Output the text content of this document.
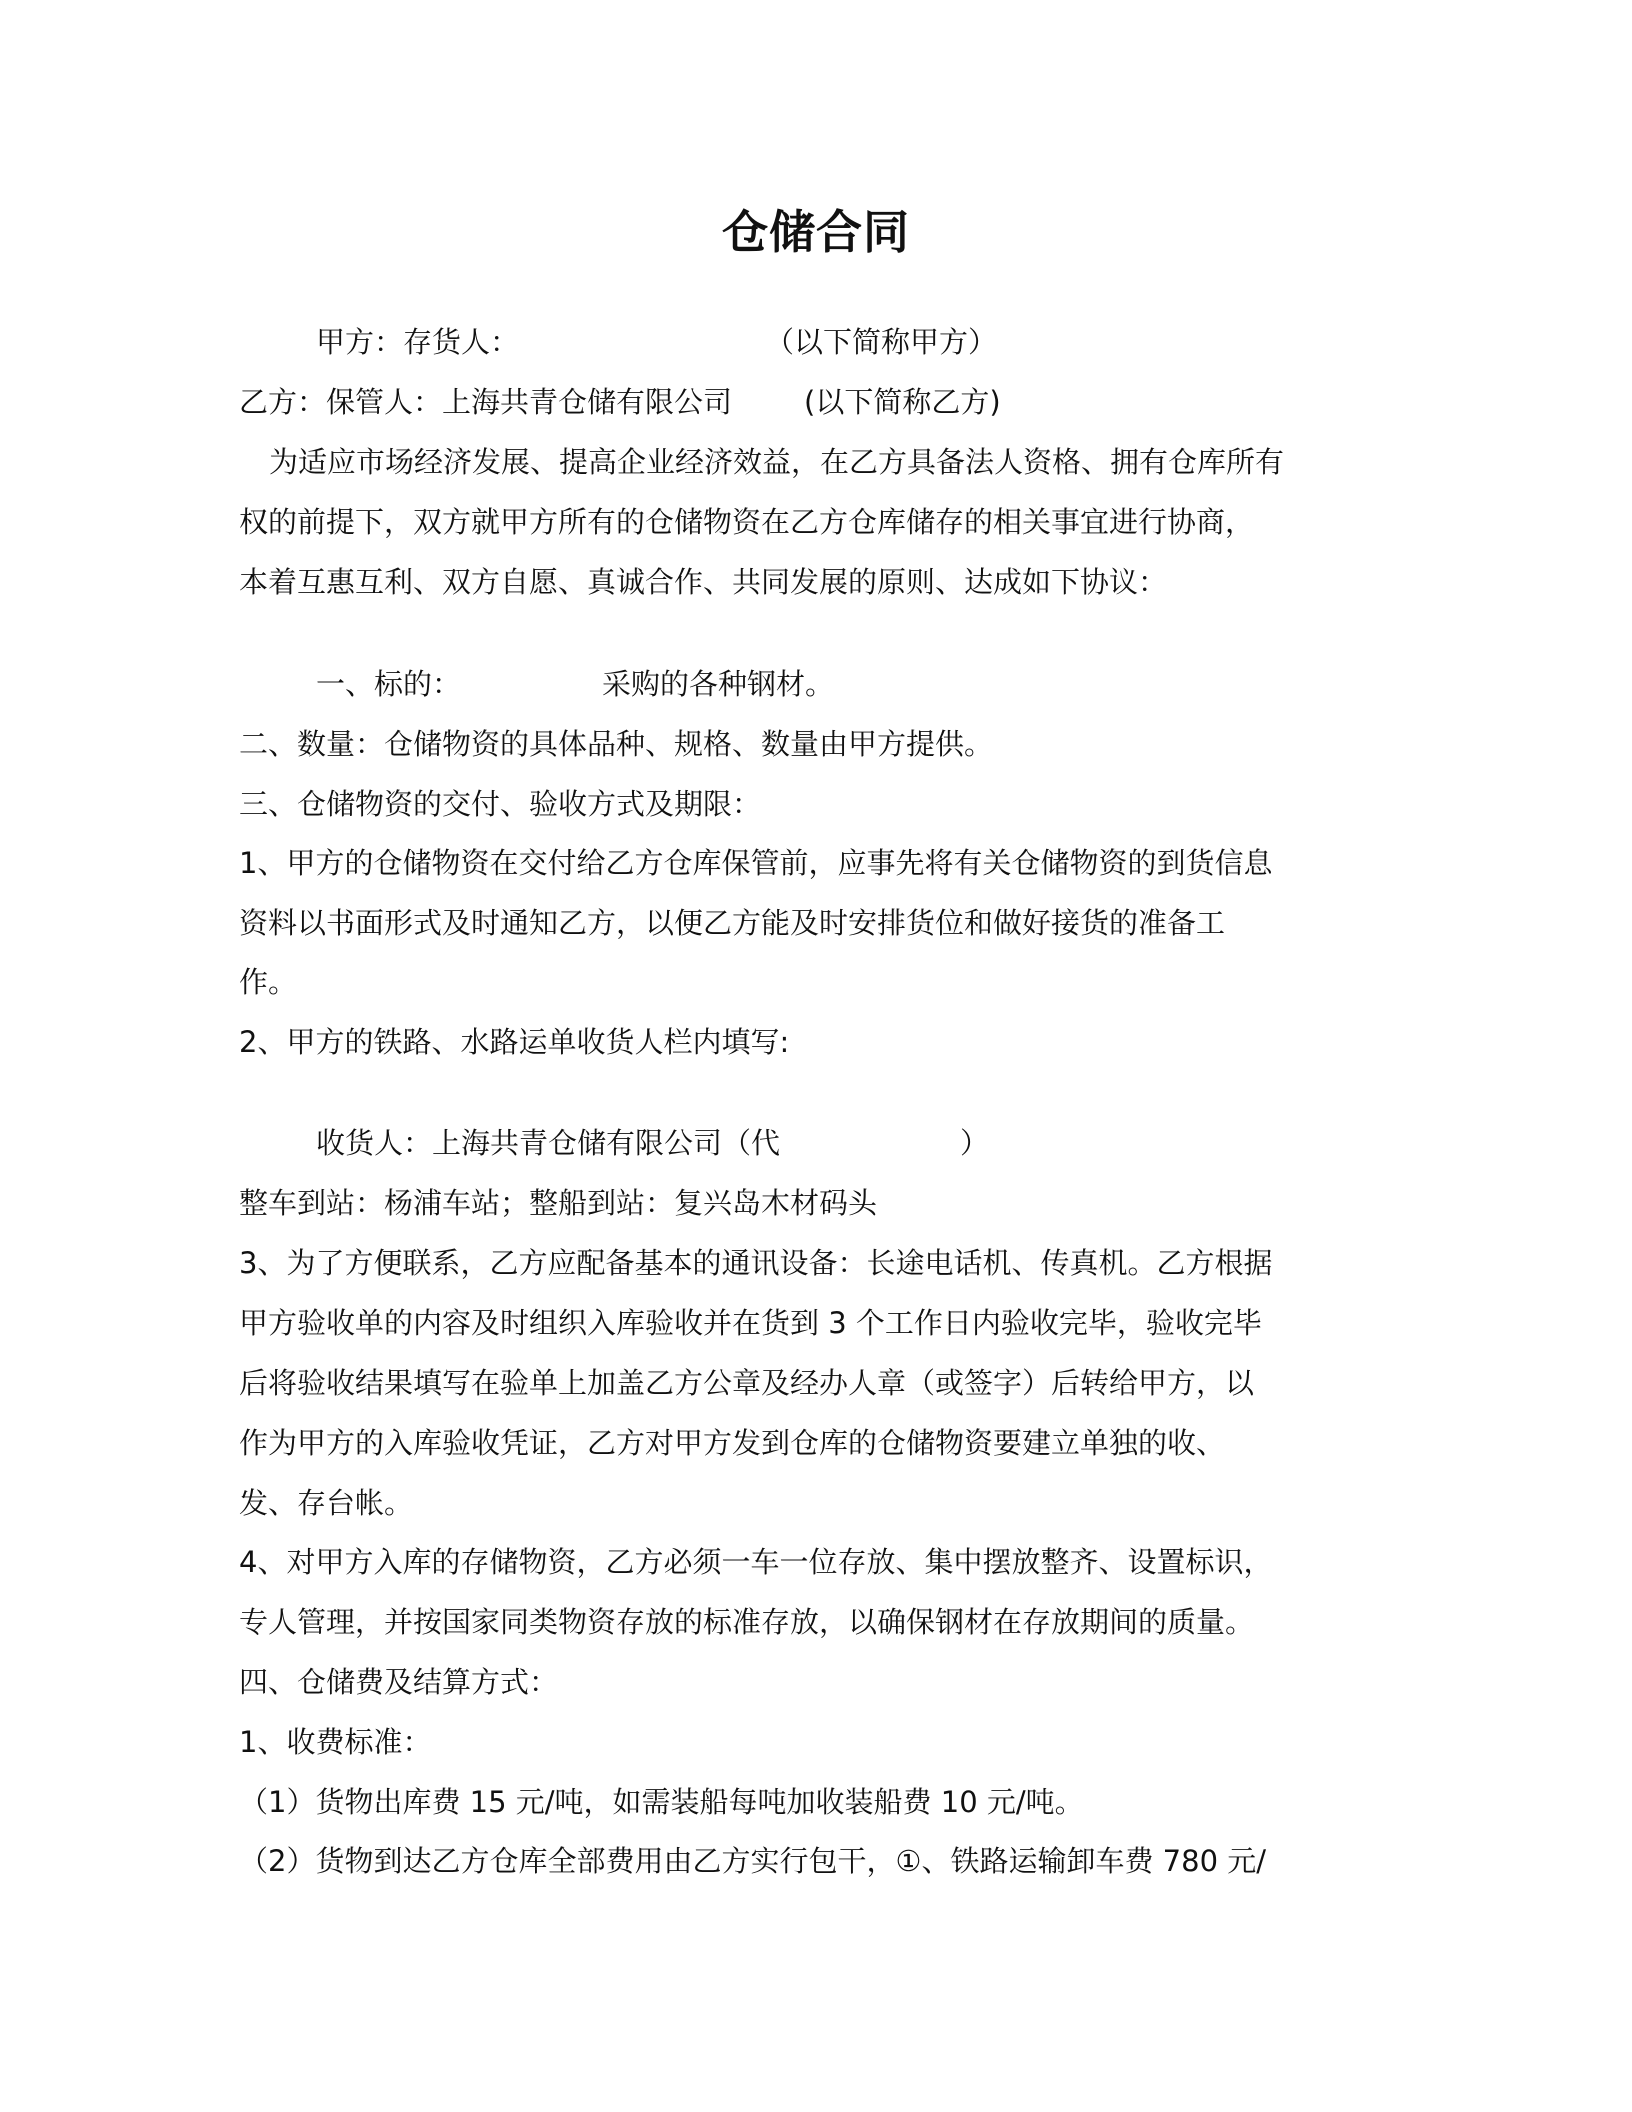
仓储合同
甲方：存货人：	（以下简称甲方）
乙方：保管人：上海共青仓储有限公司 (以下简称乙方)
为适应市场经济发展、提高企业经济效益，在乙方具备法人资格、拥有仓库所有
权的前提下，双方就甲方所有的仓储物资在乙方仓库储存的相关事宜进行协商，
本着互惠互利、双方自愿、真诚合作、共同发展的原则、达成如下协议：
一、标的：	采购的各种钢材。
二、数量：仓储物资的具体品种、规格、数量由甲方提供。
三、仓储物资的交付、验收方式及期限：
1、甲方的仓储物资在交付给乙方仓库保管前，应事先将有关仓储物资的到货信息
资料以书面形式及时通知乙方，以便乙方能及时安排货位和做好接货的准备工
作。
2、甲方的铁路、水路运单收货人栏内填写:
收货人：上海共青仓储有限公司（代	）
整车到站：杨浦车站；整船到站：复兴岛木材码头
3、为了方便联系，乙方应配备基本的通讯设备：长途电话机、传真机。乙方根据
甲方验收单的内容及时组织入库验收并在货到 3 个工作日内验收完毕，验收完毕
后将验收结果填写在验单上加盖乙方公章及经办人章（或签字）后转给甲方，以
作为甲方的入库验收凭证，乙方对甲方发到仓库的仓储物资要建立单独的收、
发、存台帐。
4、对甲方入库的存储物资，乙方必须一车一位存放、集中摆放整齐、设置标识，
专人管理，并按国家同类物资存放的标准存放，以确保钢材在存放期间的质量。
四、仓储费及结算方式：
1、收费标准：
（1）货物出库费 15 元/吨，如需装船每吨加收装船费 10 元/吨。
（2）货物到达乙方仓库全部费用由乙方实行包干，①、铁路运输卸车费 780 元/
